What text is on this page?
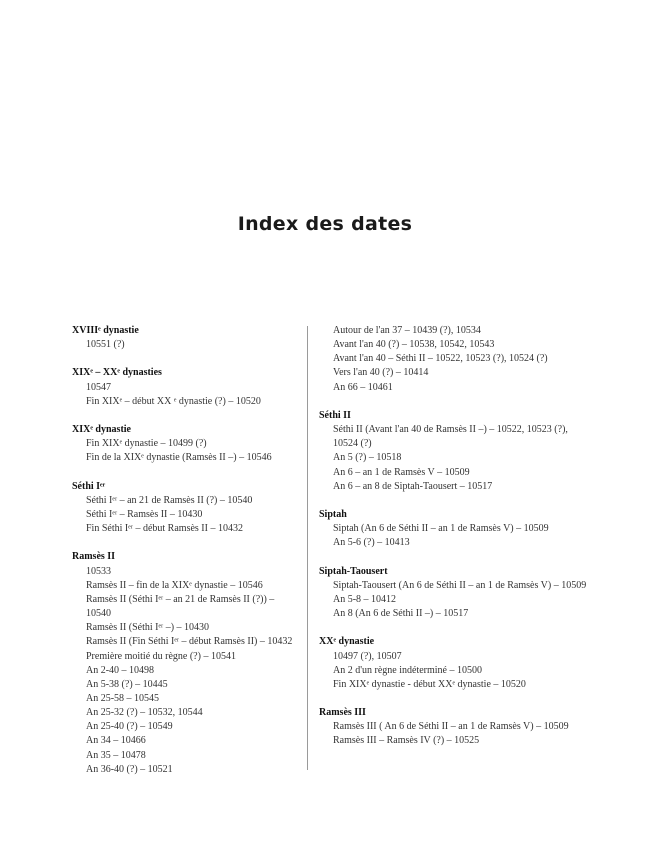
Index des dates
XVIIIᵉ dynastie
10551 (?)
XIXᵉ – XXᵉ dynasties
10547
Fin XIXᵉ – début XX ᵉ dynastie (?) – 10520
XIXᵉ dynastie
Fin XIXᵉ dynastie – 10499 (?)
Fin de la XIXᵉ dynastie (Ramsès II –) – 10546
Séthi Iᵉʳ
Séthi Iᵉʳ – an 21 de Ramsès II (?) – 10540
Séthi Iᵉʳ – Ramsès II – 10430
Fin Séthi Iᵉʳ – début Ramsès II – 10432
Ramsès II
10533
Ramsès II – fin de la XIXᵉ dynastie – 10546
Ramsès II (Séthi Iᵉʳ – an 21 de Ramsès II (?)) – 10540
Ramsès II (Séthi Iᵉʳ –) – 10430
Ramsès II (Fin Séthi Iᵉʳ – début Ramsès II) – 10432
Première moitié du règne (?) – 10541
An 2-40 – 10498
An 5-38 (?) – 10445
An 25-58 – 10545
An 25-32 (?) – 10532, 10544
An 25-40 (?) – 10549
An 34 – 10466
An 35 – 10478
An 36-40 (?) – 10521
Autour de l'an 37 – 10439 (?), 10534
Avant l'an 40 (?) – 10538, 10542, 10543
Avant l'an 40 – Séthi II – 10522, 10523 (?), 10524 (?)
Vers l'an 40 (?) – 10414
An 66 – 10461
Séthi II
Séthi II (Avant l'an 40 de Ramsès II –) – 10522, 10523 (?), 10524 (?)
An 5 (?) – 10518
An 6 – an 1 de Ramsès V – 10509
An 6 – an 8 de Siptah-Taousert – 10517
Siptah
Siptah (An 6 de Séthi II – an 1 de Ramsès V) – 10509
An 5-6 (?) – 10413
Siptah-Taousert
Siptah-Taousert (An 6 de Séthi II – an 1 de Ramsès V) – 10509
An 5-8 – 10412
An 8 (An 6 de Séthi II –) – 10517
XXᵉ dynastie
10497 (?), 10507
An 2 d'un règne indéterminé – 10500
Fin XIXᵉ dynastie - début XXᵉ dynastie – 10520
Ramsès III
Ramsès III ( An 6 de Séthi II – an 1 de Ramsès V) – 10509
Ramsès III – Ramsès IV (?) – 10525
